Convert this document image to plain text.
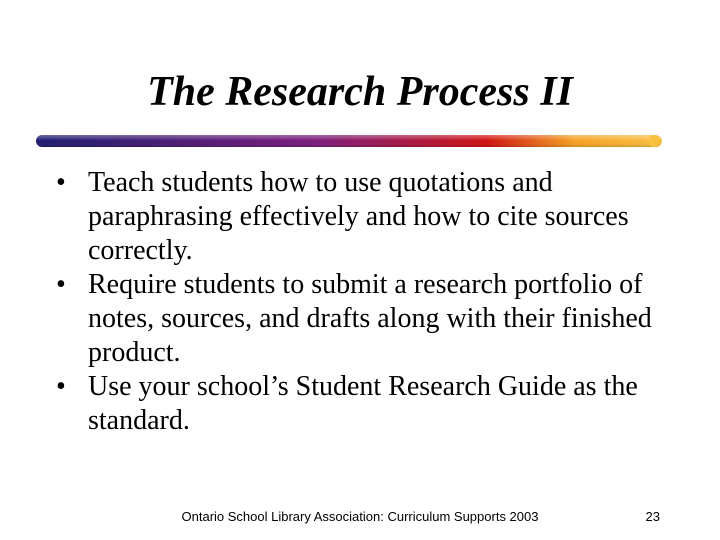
The Research Process II
• Teach students how to use quotations and paraphrasing effectively and how to cite sources correctly.
• Require students to submit a research portfolio of notes, sources, and drafts along with their finished product.
• Use your school’s Student Research Guide as the standard.
Ontario School Library Association: Curriculum Supports 2003	23
